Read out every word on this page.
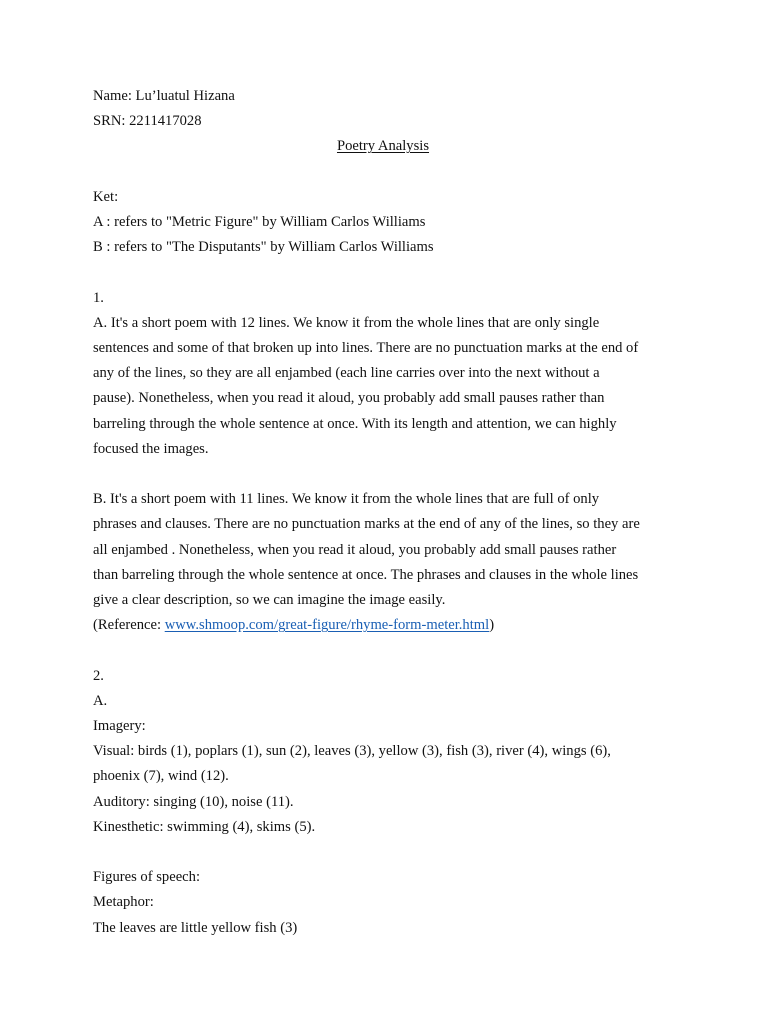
Name: Lu’luatul Hizana
SRN: 2211417028
Poetry Analysis
Ket:
A : refers to "Metric Figure" by William Carlos Williams
B : refers to "The Disputants" by William Carlos Williams
1.
A. It's a short poem with 12 lines. We know it from the whole lines that are only single
sentences and some of that broken up into lines. There are no punctuation marks at the end of
any of the lines, so they are all enjambed (each line carries over into the next without a
pause). Nonetheless, when you read it aloud, you probably add small pauses rather than
barreling through the whole sentence at once. With its length and attention, we can highly
focused the images.
B. It's a short poem with 11 lines. We know it from the whole lines that are full of only
phrases and clauses. There are no punctuation marks at the end of any of the lines, so they are
all enjambed . Nonetheless, when you read it aloud, you probably add small pauses rather
than barreling through the whole sentence at once. The phrases and clauses in the whole lines
give a clear description, so we can imagine the image easily.
(Reference: www.shmoop.com/great-figure/rhyme-form-meter.html)
2.
A.
Imagery:
Visual: birds (1), poplars (1), sun (2), leaves (3), yellow (3), fish (3), river (4), wings (6),
phoenix (7), wind (12).
Auditory: singing (10), noise (11).
Kinesthetic: swimming (4), skims (5).
Figures of speech:
Metaphor:
The leaves are little yellow fish (3)
